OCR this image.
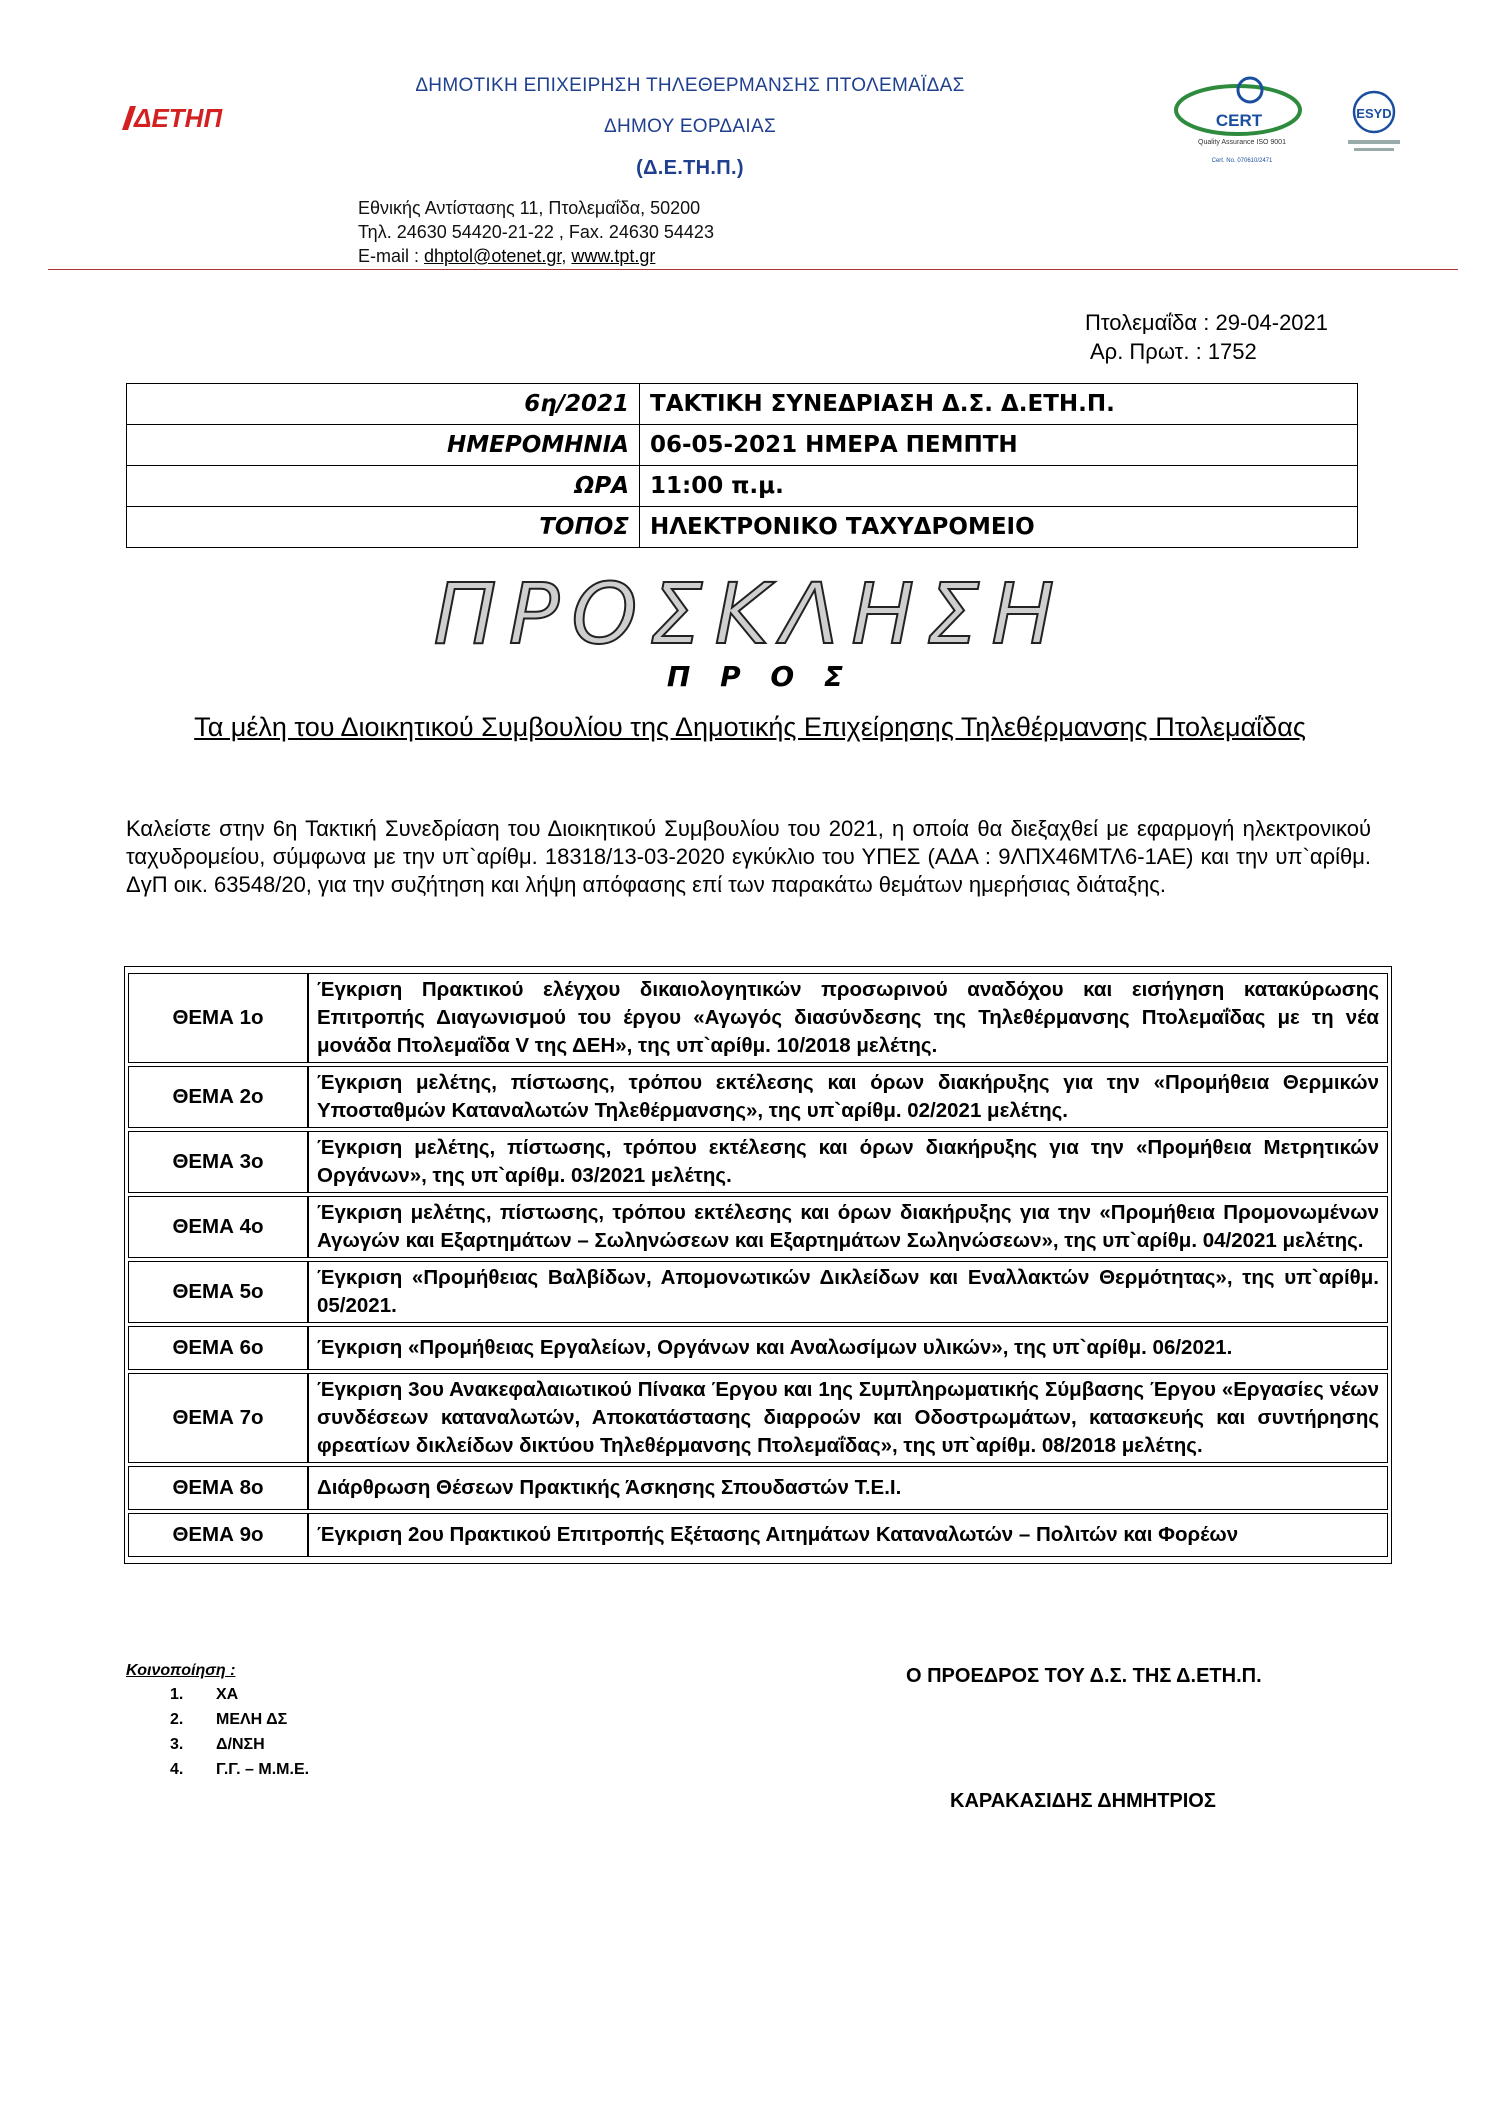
ΔΕΤΗΠ
ΔΗΜΟΤΙΚΗ ΕΠΙΧΕΙΡΗΣΗ ΤΗΛΕΘΕΡΜΑΝΣΗΣ ΠΤΟΛΕΜΑΪΔΑΣ
ΔΗΜΟΥ ΕΟΡΔΑΙΑΣ
(Δ.Ε.ΤΗ.Π.)
Εθνικής Αντίστασης 11, Πτολεμαΐδα, 50200
Τηλ. 24630 54420-21-22 , Fax. 24630 54423
E-mail : dhptol@otenet.gr, www.tpt.gr
CERT
Quality Assurance ISO 9001
Cert. No. 070610/2471
ESYD
Πτολεμαΐδα : 29-04-2021
Αρ. Πρωτ. : 1752
6η/2021	ΤΑΚΤΙΚΗ ΣΥΝΕΔΡΙΑΣΗ Δ.Σ. Δ.ΕΤΗ.Π.
ΗΜΕΡΟΜΗΝΙΑ	06-05-2021 ΗΜΕΡΑ ΠΕΜΠΤΗ
ΩΡΑ	11:00 π.μ.
ΤΟΠΟΣ	ΗΛΕΚΤΡΟΝΙΚΟ ΤΑΧΥΔΡΟΜΕΙΟ
ΠΡΟΣΚΛΗΣΗ
Π Ρ Ο Σ
Τα μέλη του Διοικητικού Συμβουλίου της Δημοτικής Επιχείρησης Τηλεθέρμανσης Πτολεμαΐδας
Καλείστε στην 6η Τακτική Συνεδρίαση του Διοικητικού Συμβουλίου του 2021, η οποία θα διεξαχθεί με εφαρμογή ηλεκτρονικού ταχυδρομείου, σύμφωνα με την υπ`αρίθμ. 18318/13-03-2020 εγκύκλιο του ΥΠΕΣ (ΑΔΑ : 9ΛΠΧ46ΜΤΛ6-1ΑΕ) και την υπ`αρίθμ. ΔγΠ οικ. 63548/20, για την συζήτηση και λήψη απόφασης επί των παρακάτω θεμάτων ημερήσιας διάταξης.
ΘΕΜΑ 1ο	Έγκριση Πρακτικού ελέγχου δικαιολογητικών προσωρινού αναδόχου και εισήγηση κατακύρωσης Επιτροπής Διαγωνισμού του έργου «Αγωγός διασύνδεσης της Τηλεθέρμανσης Πτολεμαΐδας με τη νέα μονάδα Πτολεμαΐδα V της ΔΕΗ», της υπ`αρίθμ. 10/2018 μελέτης.
ΘΕΜΑ 2ο	Έγκριση μελέτης, πίστωσης, τρόπου εκτέλεσης και όρων διακήρυξης για την «Προμήθεια Θερμικών Υποσταθμών Καταναλωτών Τηλεθέρμανσης», της υπ`αρίθμ. 02/2021 μελέτης.
ΘΕΜΑ 3ο	Έγκριση μελέτης, πίστωσης, τρόπου εκτέλεσης και όρων διακήρυξης για την «Προμήθεια Μετρητικών Οργάνων», της υπ`αρίθμ. 03/2021 μελέτης.
ΘΕΜΑ 4ο	Έγκριση μελέτης, πίστωσης, τρόπου εκτέλεσης και όρων διακήρυξης για την «Προμήθεια Προμονωμένων Αγωγών και Εξαρτημάτων – Σωληνώσεων και Εξαρτημάτων Σωληνώσεων», της υπ`αρίθμ. 04/2021 μελέτης.
ΘΕΜΑ 5ο	Έγκριση «Προμήθειας Βαλβίδων, Απομονωτικών Δικλείδων και Εναλλακτών Θερμότητας», της υπ`αρίθμ. 05/2021.
ΘΕΜΑ 6ο	Έγκριση «Προμήθειας Εργαλείων, Οργάνων και Αναλωσίμων υλικών», της υπ`αρίθμ. 06/2021.
ΘΕΜΑ 7ο	Έγκριση 3ου Ανακεφαλαιωτικού Πίνακα Έργου και 1ης Συμπληρωματικής Σύμβασης Έργου «Εργασίες νέων συνδέσεων καταναλωτών, Αποκατάστασης διαρροών και Οδοστρωμάτων, κατασκευής και συντήρησης φρεατίων δικλείδων δικτύου Τηλεθέρμανσης Πτολεμαΐδας», της υπ`αρίθμ. 08/2018 μελέτης.
ΘΕΜΑ 8ο	Διάρθρωση Θέσεων Πρακτικής Άσκησης Σπουδαστών Τ.Ε.Ι.
ΘΕΜΑ 9ο	Έγκριση 2ου Πρακτικού Επιτροπής Εξέτασης Αιτημάτων Καταναλωτών – Πολιτών και Φορέων
Κοινοποίηση :
1.	ΧΑ
2.	ΜΕΛΗ ΔΣ
3.	Δ/ΝΣΗ
4.	Γ.Γ. – Μ.Μ.Ε.
Ο ΠΡΟΕΔΡΟΣ ΤΟΥ Δ.Σ. ΤΗΣ Δ.ΕΤΗ.Π.
ΚΑΡΑΚΑΣΙΔΗΣ ΔΗΜΗΤΡΙΟΣ
